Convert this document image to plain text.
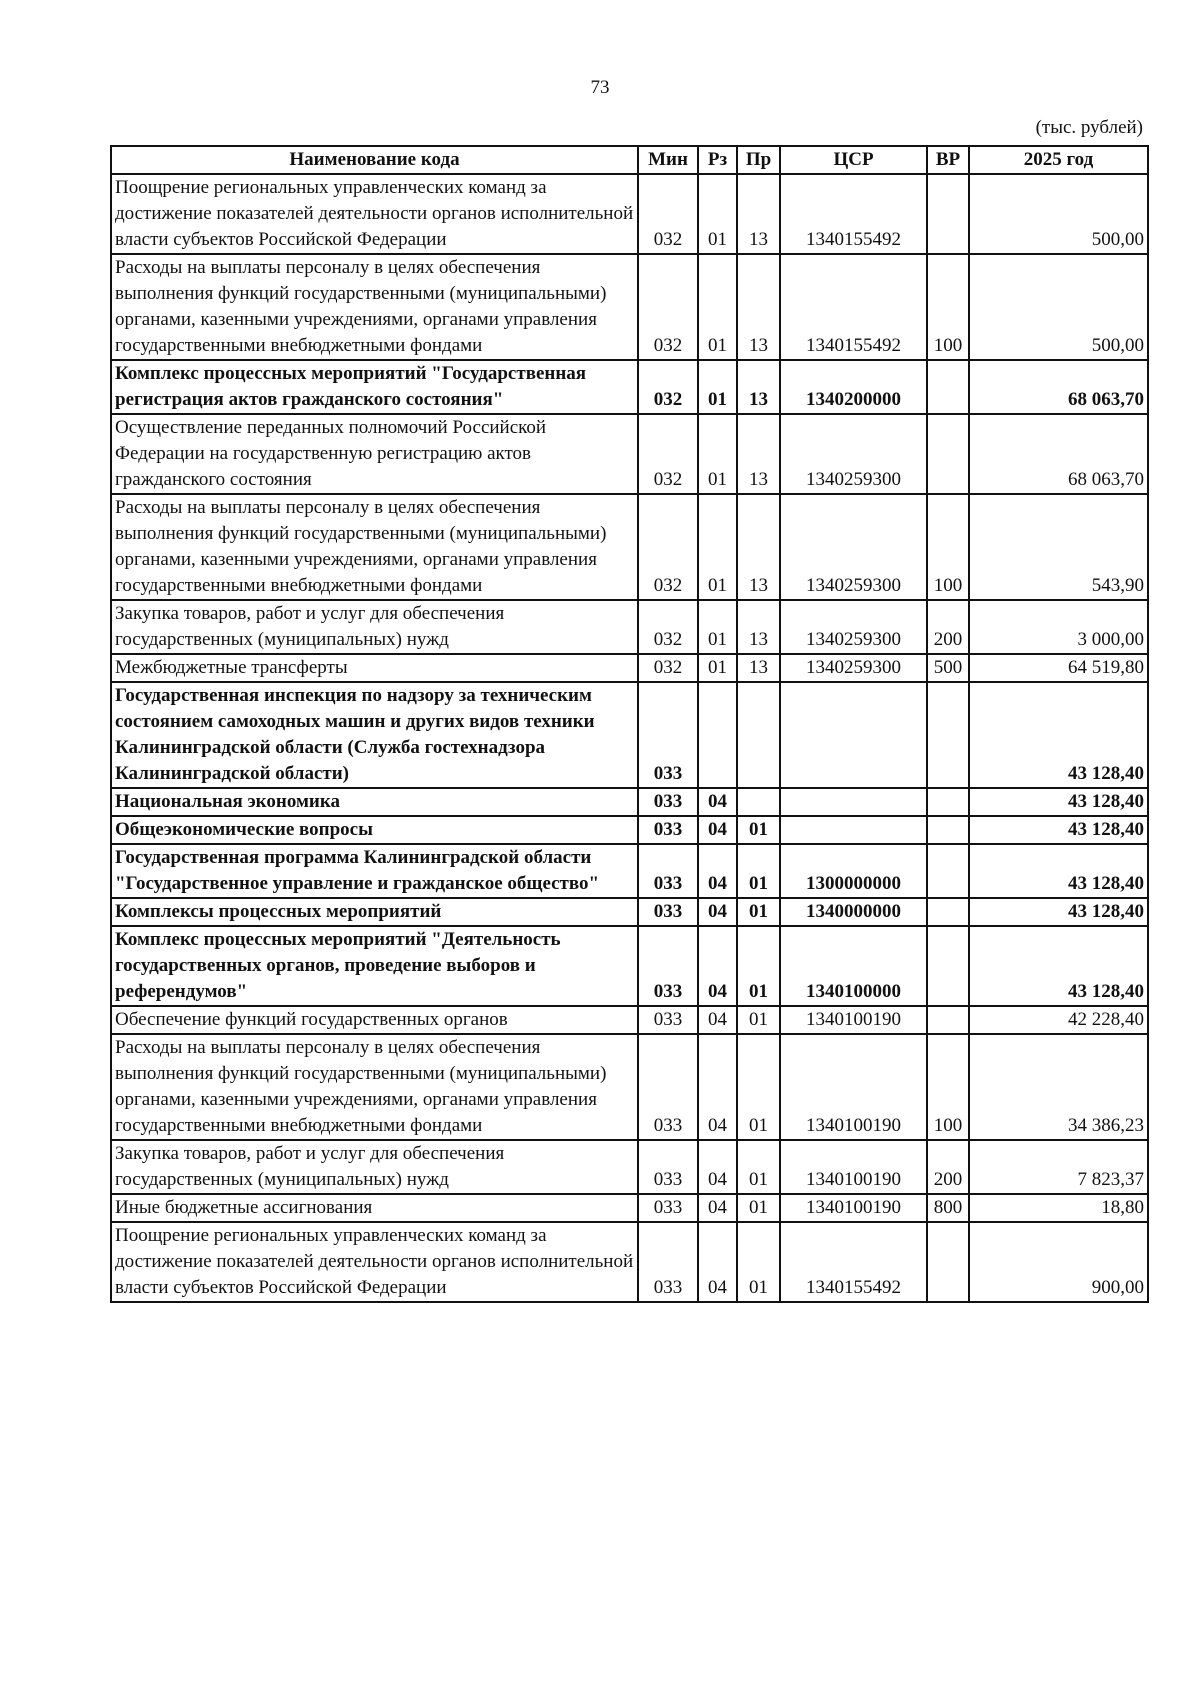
73
(тыс. рублей)
Наименование кода	Мин	Рз	Пр	ЦСР	ВР	2025 год
Поощрение региональных управленческих команд за достижение показателей деятельности органов исполнительной власти субъектов Российской Федерации	032	01	13	1340155492		500,00
Расходы на выплаты персоналу в целях обеспечения выполнения функций государственными (муниципальными) органами, казенными учреждениями, органами управления государственными внебюджетными фондами	032	01	13	1340155492	100	500,00
Комплекс процессных мероприятий "Государственная регистрация актов гражданского состояния"	032	01	13	1340200000		68 063,70
Осуществление переданных полномочий Российской Федерации на государственную регистрацию актов гражданского состояния	032	01	13	1340259300		68 063,70
Расходы на выплаты персоналу в целях обеспечения выполнения функций государственными (муниципальными) органами, казенными учреждениями, органами управления государственными внебюджетными фондами	032	01	13	1340259300	100	543,90
Закупка товаров, работ и услуг для обеспечения государственных (муниципальных) нужд	032	01	13	1340259300	200	3 000,00
Межбюджетные трансферты	032	01	13	1340259300	500	64 519,80
Государственная инспекция по надзору за техническим состоянием самоходных машин и других видов техники Калининградской области (Служба гостехнадзора Калининградской области)	033					43 128,40
Национальная экономика	033	04				43 128,40
Общеэкономические вопросы	033	04	01			43 128,40
Государственная программа Калининградской области "Государственное управление и гражданское общество"	033	04	01	1300000000		43 128,40
Комплексы процессных мероприятий	033	04	01	1340000000		43 128,40
Комплекс процессных мероприятий "Деятельность государственных органов, проведение выборов и референдумов"	033	04	01	1340100000		43 128,40
Обеспечение функций государственных органов	033	04	01	1340100190		42 228,40
Расходы на выплаты персоналу в целях обеспечения выполнения функций государственными (муниципальными) органами, казенными учреждениями, органами управления государственными внебюджетными фондами	033	04	01	1340100190	100	34 386,23
Закупка товаров, работ и услуг для обеспечения государственных (муниципальных) нужд	033	04	01	1340100190	200	7 823,37
Иные бюджетные ассигнования	033	04	01	1340100190	800	18,80
Поощрение региональных управленческих команд за достижение показателей деятельности органов исполнительной власти субъектов Российской Федерации	033	04	01	1340155492		900,00
